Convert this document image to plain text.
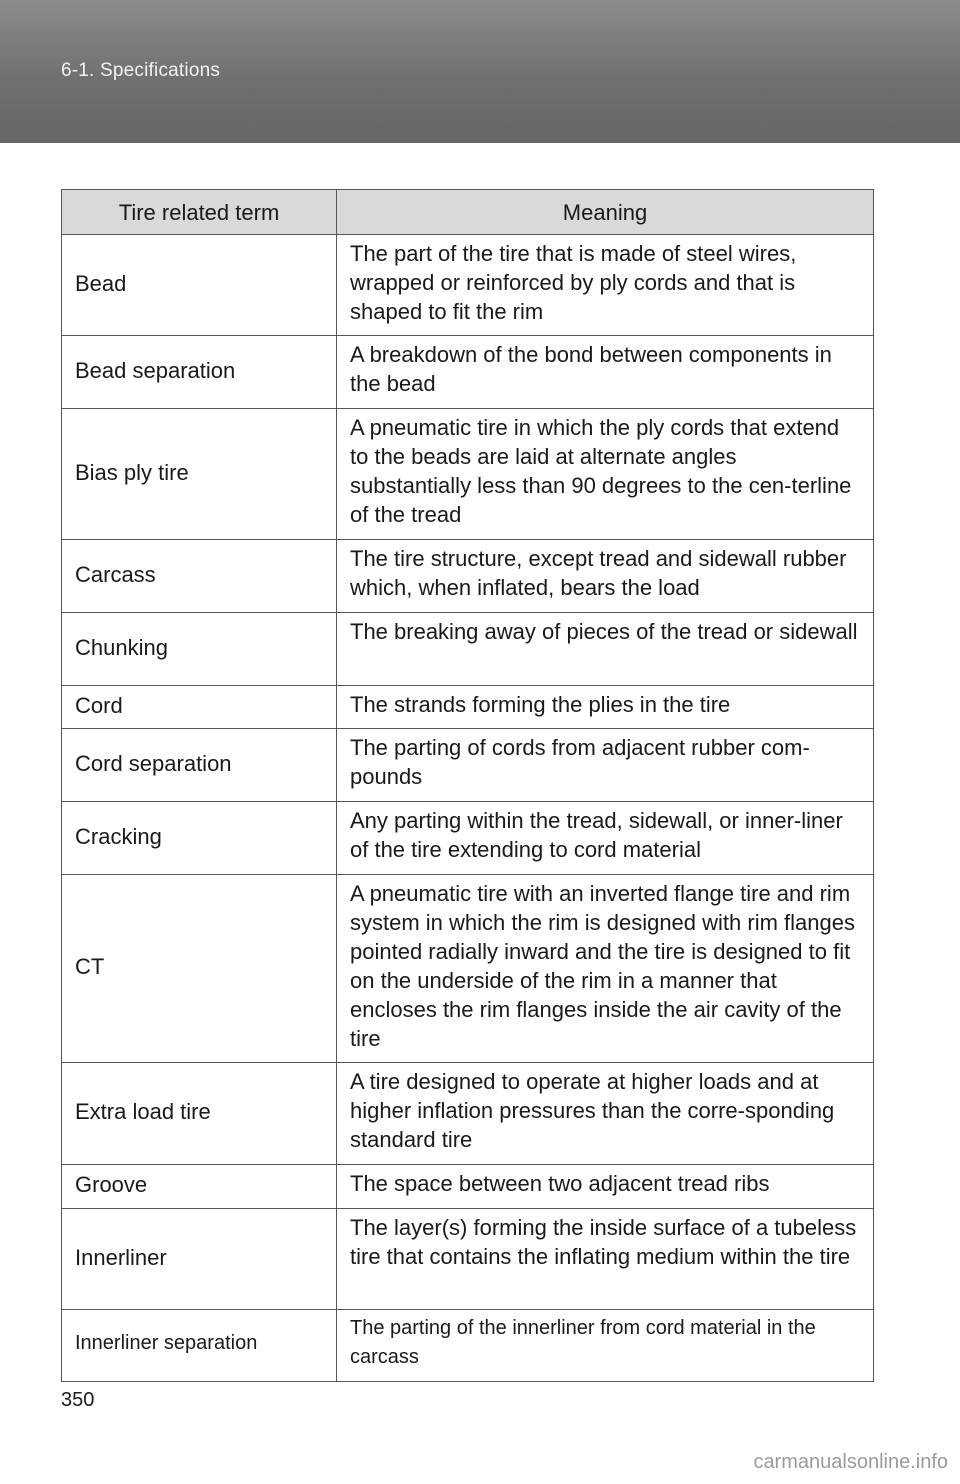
6-1. Specifications
Tire related term	Meaning
Bead	The part of the tire that is made of steel wires, wrapped or reinforced by ply cords and that is shaped to fit the rim
Bead separation	A breakdown of the bond between components in the bead
Bias ply tire	A pneumatic tire in which the ply cords that extend to the beads are laid at alternate angles substantially less than 90 degrees to the cen-terline of the tread
Carcass	The tire structure, except tread and sidewall rubber which, when inflated, bears the load
Chunking	The breaking away of pieces of the tread or sidewall
Cord	The strands forming the plies in the tire
Cord separation	The parting of cords from adjacent rubber com-pounds
Cracking	Any parting within the tread, sidewall, or inner-liner of the tire extending to cord material
CT	A pneumatic tire with an inverted flange tire and rim system in which the rim is designed with rim flanges pointed radially inward and the tire is designed to fit on the underside of the rim in a manner that encloses the rim flanges inside the air cavity of the tire
Extra load tire	A tire designed to operate at higher loads and at higher inflation pressures than the corre-sponding standard tire
Groove	The space between two adjacent tread ribs
Innerliner	The layer(s) forming the inside surface of a tubeless tire that contains the inflating medium within the tire
Innerliner separation	The parting of the innerliner from cord material in the carcass
350
carmanualsonline.info
